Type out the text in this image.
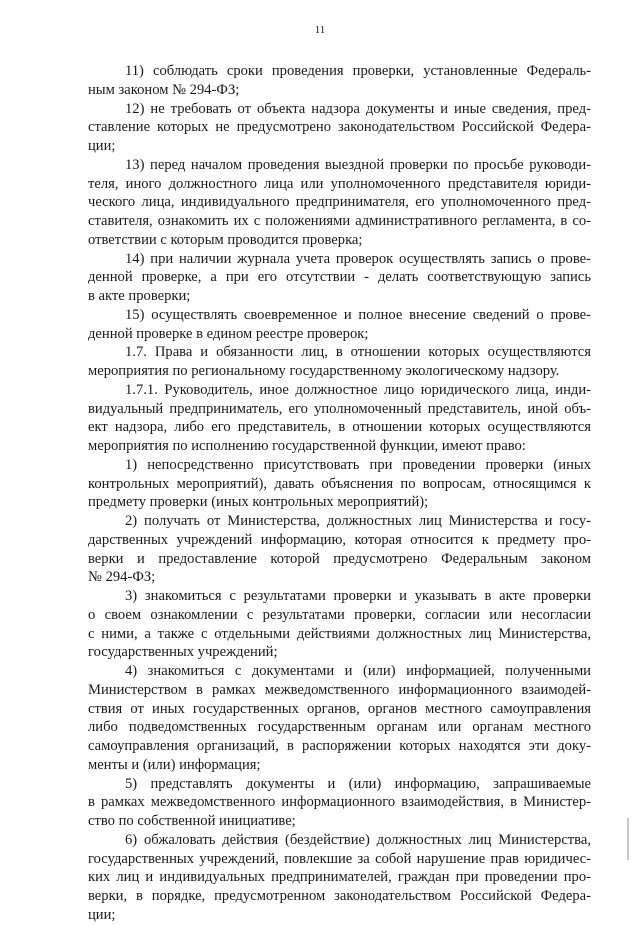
11
11) соблюдать сроки проведения проверки, установленные Федераль-
ным законом № 294-ФЗ;
12) не требовать от объекта надзора документы и иные сведения, пред-
ставление которых не предусмотрено законодательством Российской Федера-
ции;
13) перед началом проведения выездной проверки по просьбе руководи-
теля, иного должностного лица или уполномоченного представителя юриди-
ческого лица, индивидуального предпринимателя, его уполномоченного пред-
ставителя, ознакомить их с положениями административного регламента, в со-
ответствии с которым проводится проверка;
14) при наличии журнала учета проверок осуществлять запись о прове-
денной проверке, а при его отсутствии - делать соответствующую запись
в акте проверки;
15) осуществлять своевременное и полное внесение сведений о прове-
денной проверке в едином реестре проверок;
1.7. Права и обязанности лиц, в отношении которых осуществляются
мероприятия по региональному государственному экологическому надзору.
1.7.1. Руководитель, иное должностное лицо юридического лица, инди-
видуальный предприниматель, его уполномоченный представитель, иной объ-
ект надзора, либо его представитель, в отношении которых осуществляются
мероприятия по исполнению государственной функции, имеют право:
1) непосредственно присутствовать при проведении проверки (иных
контрольных мероприятий), давать объяснения по вопросам, относящимся к
предмету проверки (иных контрольных мероприятий);
2) получать от Министерства, должностных лиц Министерства и госу-
дарственных учреждений информацию, которая относится к предмету про-
верки и предоставление которой предусмотрено Федеральным законом
№ 294-ФЗ;
3) знакомиться с результатами проверки и указывать в акте проверки
о своем ознакомлении с результатами проверки, согласии или несогласии
с ними, а также с отдельными действиями должностных лиц Министерства,
государственных учреждений;
4) знакомиться с документами и (или) информацией, полученными
Министерством в рамках межведомственного информационного взаимодей-
ствия от иных государственных органов, органов местного самоуправления
либо подведомственных государственным органам или органам местного
самоуправления организаций, в распоряжении которых находятся эти доку-
менты и (или) информация;
5) представлять документы и (или) информацию, запрашиваемые
в рамках межведомственного информационного взаимодействия, в Министер-
ство по собственной инициативе;
6) обжаловать действия (бездействие) должностных лиц Министерства,
государственных учреждений, повлекшие за собой нарушение прав юридичес-
ких лиц и индивидуальных предпринимателей, граждан при проведении про-
верки, в порядке, предусмотренном законодательством Российской Федера-
ции;
